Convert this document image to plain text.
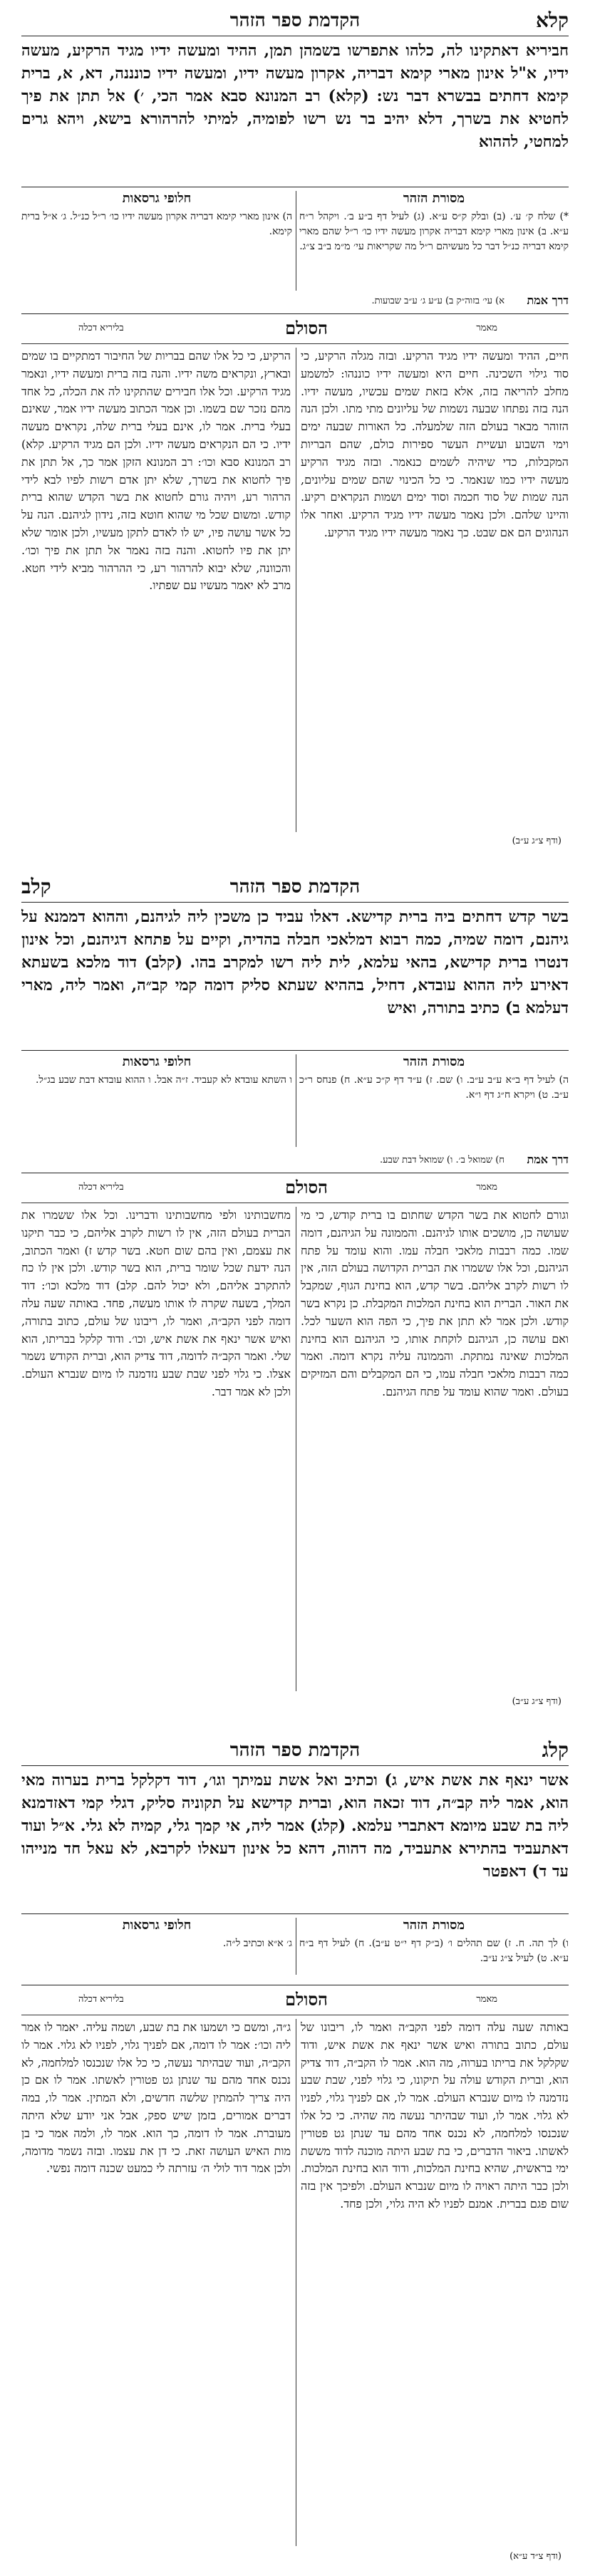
קלא
הקדמת ספר הזהר
חביריא דאתקינו לה, כלהו אתפרשו בשמהן תמן, ההיד ומעשה ידיו מגיד הרקיע, מעשה ידיו, א"ל אינון מארי קימא דבריה, אקרון מעשה ידיו, ומעשה ידיו כונננה, דא, א, ברית קימא דחתים בבשרא דבר נש: (קלא) רב המנונא סבא אמר הכי, ׳) אל תתן את פיך לחטיא את בשרך, דלא יהיב בר נש רשו לפומיה, למיתי להרהורא בישא, ויהא גרים למחטי, לההוא
מסורת הזהר
חלופי גרסאות
*) שלח ק׳ ע׳. (ב) ובלק ק״ס ע״א. (ג) לעיל דף ב״ע ב׳. ויקהל ר״ח ע״א. ב) אינון מארי קימא דבריה אקרון מעשה ידיו כו׳ ר״ל שהם מארי קימא דבריה כנ״ל דבר כל מעשיהם ר״ל מה שקריאות עי׳ מ״מ ב״ב צ״ג.
ה) אינון מארי קימא דבריה אקרון מעשה ידיו כו׳ ר״ל כנ״ל. ג׳ א״ל ברית קימא.
דרך אמת
א) עי׳ בזוה״ק ב) ע״ע ג׳ ע״ב שבועות.
הסולם	מאמר
בליריא דכלה
חיים, ההיד ומעשה ידיו מגיד הרקיע. ובזה מגלה הרקיע, כי סוד גילוי השכינה. חיים היא ומעשה ידיו כוננהו: למשמע מחלב להריאה בזה, אלא בזאת שמים עכשיו, מעשה ידיו. הנה בזה נפתחו שבעה נשמות של עליונים מתי מתו. ולכן הנה הזוהר מבאר בעולם הזה שלמעלה. כל האורות שבעה ימים וימי השבוע ועשיית העשר ספירות כולם, שהם הבריות המקבלות, כדי שיהיה לשמים כנאמר. ובזה מגיד הרקיע מעשה ידיו כמו שנאמר. כי כל הכינוי שהם שמים עליונים, הנה שמות של סוד חכמה וסוד ימים ושמות הנקראים רקיע. והיינו שלהם. ולכן נאמר מעשה ידיו מגיד הרקיע. ואחר אלו הנהוגים הם אם שבט. כך נאמר מעשה ידיו מגיד הרקיע.
הרקיע, כי כל אלו שהם בבריות של החיבור דמתקיים בו שמים ובארץ, ונקראים משה ידיו. והנה בזה ברית ומעשה ידיו, ונאמר מגיד הרקיע. וכל אלו חבירים שהתקינו לה את הכלה, כל אחד מהם נזכר שם בשמו. וכן אמר הכתוב מעשה ידיו אמר, שאינם בעלי ברית. אמר לו, אינם בעלי ברית שלה, נקראים מעשה ידיו. כי הם הנקראים מעשה ידיו. ולכן הם מגיד הרקיע. קלא) רב המנונא סבא וכו׳: רב המנונא הזקן אמר כך, אל תתן את פיך לחטוא את בשרך, שלא יתן אדם רשות לפיו לבא לידי הרהור רע, ויהיה גורם לחטוא את בשר הקדש שהוא ברית קודש. ומשום שכל מי שהוא חוטא בזה, נידון לגיהנם. הנה על כל אשר עושה פיו, יש לו לאדם לתקן מעשיו, ולכן אומר שלא יתן את פיו לחטוא. והנה בזה נאמר אל תתן את פיך וכו׳. והכוונה, שלא יבוא להרהור רע, כי ההרהור מביא לידי חטא. מרב לא יאמר מעשיו עם שפתיו.
(ודף צ״ג ע״ב)
קלב	הקדמת ספר הזהר
בשר קדש דחתים ביה ברית קדישא. דאלו עביד כן משכין ליה לגיהנם, וההוא דממנא על גיהנם, דומה שמיה, כמה רבוא דמלאכי חבלה בהדיה, וקיים על פתחא דגיהנם, וכל אינון דנטרו ברית קדישא, בהאי עלמא, לית ליה רשו למקרב בהו. (קלב) דוד מלכא בשעתא דאירע ליה ההוא עובדא, דחיל, בההיא שעתא סליק דומה קמי קב״ה, ואמר ליה, מארי דעלמא ב) כתיב בתורה, ואיש
מסורת הזהר
חלופי גרסאות
ה) לעיל דף ב״א ע״ב ע״ב. ו) שם. ז) ע״ד דף ק״כ ע״א. ח) פנחס ר״כ ע״ב. ט) ויקרא ח״ג דף ו״א.
ו השתא עובדא לא קעביד. ז״ה אבל. ו ההוא עובדא דבת שבע בג״ל.
דרך אמת
ח) שמואל ב׳. ו) שמואל דבת שבע.
הסולם	מאמר
בליריא דכלה
וגורם לחטוא את בשר הקדש שחתום בו ברית קודש, כי מי שעושה כן, מושכים אותו לגיהנם. והממונה על הגיהנם, דומה שמו. כמה רבבות מלאכי חבלה עמו. והוא עומד על פתח הגיהנם, וכל אלו ששמרו את הברית הקדושה בעולם הזה, אין לו רשות לקרב אליהם. בשר קדש, הוא בחינת הגוף, שמקבל את האור. הברית הוא בחינת המלכות המקבלת. כן נקרא בשר קודש. ולכן אמר לא תתן את פיך, כי הפה הוא השער לכל. ואם עושה כן, הגיהנם לוקחת אותו, כי הגיהנם הוא בחינת המלכות שאינה נמתקת. והממונה עליה נקרא דומה. ואמר כמה רבבות מלאכי חבלה עמו, כי הם המקבלים והם המזיקים בעולם. ואמר שהוא עומד על פתח הגיהנם.
מחשבותינו ולפי מחשבותינו ודברינו. וכל אלו ששמרו את הברית בעולם הזה, אין לו רשות לקרב אליהם, כי כבר תיקנו את עצמם, ואין בהם שום חטא. בשר קדש ז) ואמר הכתוב, הנה ידעת שכל שומר ברית, הוא בשר קודש. ולכן אין לו כח להתקרב אליהם, ולא יכול להם. קלב) דוד מלכא וכו׳: דוד המלך, בשעה שקרה לו אותו מעשה, פחד. באותה שעה עלה דומה לפני הקב״ה, ואמר לו, ריבונו של עולם, כתוב בתורה, ואיש אשר ינאף את אשת איש, וכו׳. ודוד קלקל בבריתו, הוא שלי. ואמר הקב״ה לדומה, דוד צדיק הוא, וברית הקודש נשמר אצלו. כי גלוי לפני שבת שבע נזדמנה לו מיום שנברא העולם. ולכן לא אמר דבר.
(ודף צ״ג ע״ב)
קלג
הקדמת ספר הזהר
אשר ינאף את אשת איש, ג) וכתיב ואל אשת עמיתך וגו׳, דוד דקלקל ברית בערוה מאי הוא, אמר ליה קב״ה, דוד זכאה הוא, וברית קדישא על תקוניה סליק, דגלי קמי דאזדמנא ליה בת שבע מיומא דאתברי עלמא. (קלג) אמר ליה, אי קמך גלי, קמיה לא גלי. א״ל ועוד דאתעביד בהתירא אתעביד, מה דהוה, דהא כל אינון דעאלו לקרבא, לא עאל חד מנייהו עד ד) דאפטר
מסורת הזהר
חלופי גרסאות
ו) לך תה. ח. ז) שם תהלים ו׳ (ב״ק דף י״ט ע״ב). ח) לעיל דף ב״ח ע״א. ט) לעיל צ״ג ע״ב.
ג׳ א״א וכתיב ל״ה.
הסולם	מאמר
בליריא דכלה
באותה שעה עלה דומה לפני הקב״ה ואמר לו, ריבונו של עולם, כתוב בתורה ואיש אשר ינאף את אשת איש, ודוד שקלקל את בריתו בערוה, מה הוא. אמר לו הקב״ה, דוד צדיק הוא, וברית הקודש עולה על תיקונו, כי גלוי לפני, שבת שבע נזדמנה לו מיום שנברא העולם. אמר לו, אם לפניך גלוי, לפניו לא גלוי. אמר לו, ועוד שבהיתר נעשה מה שהיה. כי כל אלו שנכנסו למלחמה, לא נכנס אחד מהם עד שנתן גט פטורין לאשתו. ביאור הדברים, כי בת שבע היתה מוכנה לדוד מששת ימי בראשית, שהיא בחינת המלכות, ודוד הוא בחינת המלכות. ולכן כבר היתה ראויה לו מיום שנברא העולם. ולפיכך אין בזה שום פגם בברית. אמנם לפניו לא היה גלוי, ולכן פחד.
ג״ה, ומשם כי ושמעו את בת שבע, ושמה עליה. יאמר לו אמר ליה וכו׳: אמר לו דומה, אם לפניך גלוי, לפניו לא גלוי. אמר לו הקב״ה, ועוד שבהיתר נעשה, כי כל אלו שנכנסו למלחמה, לא נכנס אחד מהם עד שנתן גט פטורין לאשתו. אמר לו אם כן היה צריך להמתין שלשה חדשים, ולא המתין. אמר לו, במה דברים אמורים, בזמן שיש ספק, אבל אני יודע שלא היתה מעוברת. אמר לו דומה, כך הוא. אמר לו, ולמה אמר כי בן מות האיש העושה זאת. כי דן את עצמו. ובזה נשמר מדומה, ולכן אמר דוד לולי ה׳ עזרתה לי כמעט שכנה דומה נפשי.
(ודף צ״ד ע״א)
